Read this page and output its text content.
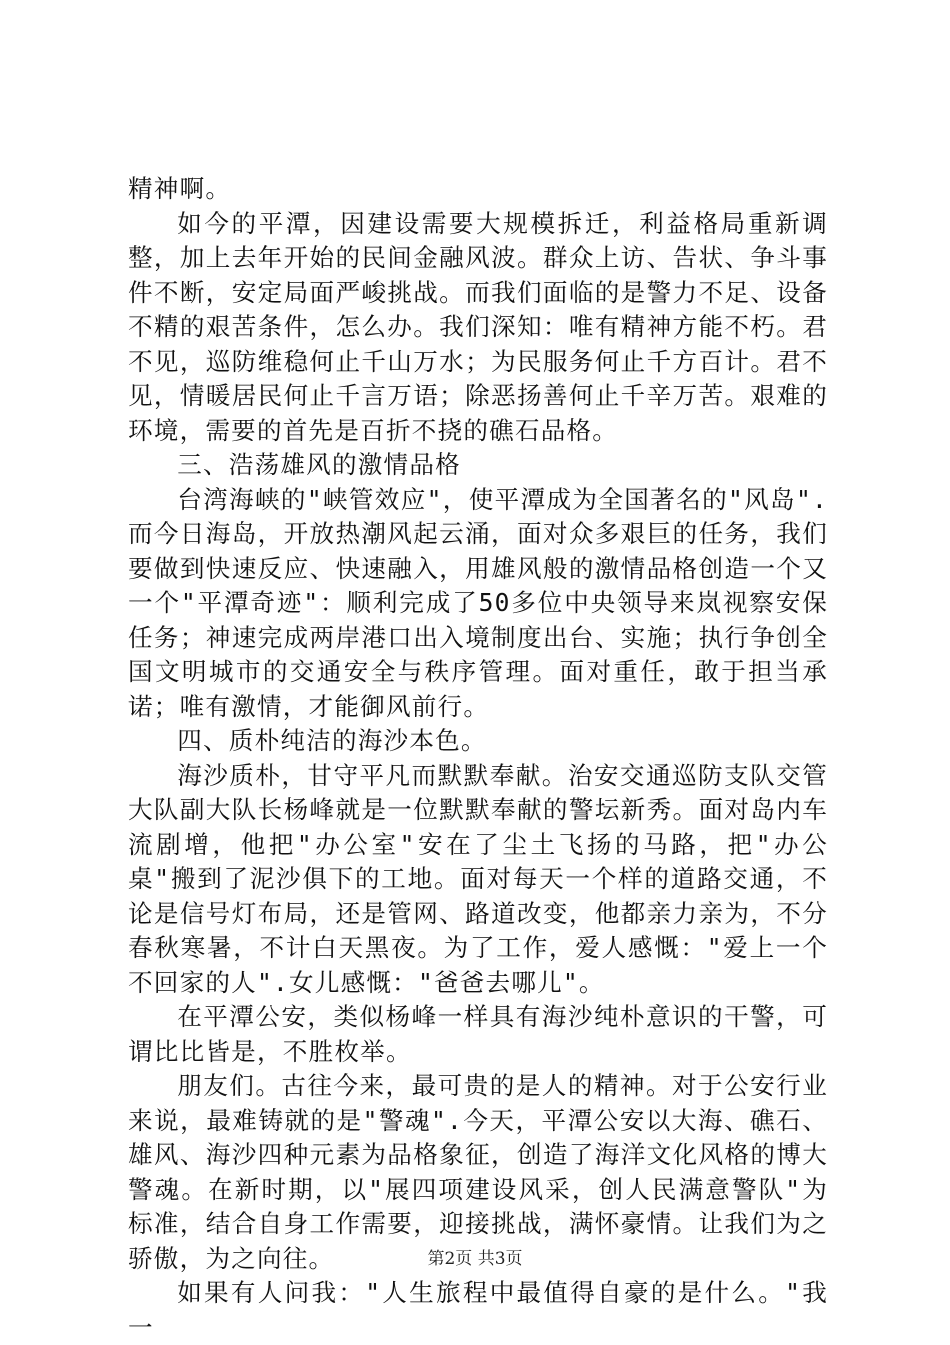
精神啊。

如今的平潭，因建设需要大规模拆迁，利益格局重新调整，加上去年开始的民间金融风波。群众上访、告状、争斗事件不断，安定局面严峻挑战。而我们面临的是警力不足、设备不精的艰苦条件，怎么办。我们深知：唯有精神方能不朽。君不见，巡防维稳何止千山万水；为民服务何止千方百计。君不见，情暖居民何止千言万语；除恶扬善何止千辛万苦。艰难的环境，需要的首先是百折不挠的礁石品格。

三、浩荡雄风的激情品格

台湾海峡的"峡管效应"，使平潭成为全国著名的"风岛".而今日海岛，开放热潮风起云涌，面对众多艰巨的任务，我们要做到快速反应、快速融入，用雄风般的激情品格创造一个又一个"平潭奇迹"：顺利完成了50多位中央领导来岚视察安保任务；神速完成两岸港口出入境制度出台、实施；执行争创全国文明城市的交通安全与秩序管理。面对重任，敢于担当承诺；唯有激情，才能御风前行。

四、质朴纯洁的海沙本色。

海沙质朴，甘守平凡而默默奉献。治安交通巡防支队交管大队副大队长杨峰就是一位默默奉献的警坛新秀。面对岛内车流剧增，他把"办公室"安在了尘土飞扬的马路，把"办公桌"搬到了泥沙俱下的工地。面对每天一个样的道路交通，不论是信号灯布局，还是管网、路道改变，他都亲力亲为，不分春秋寒暑，不计白天黑夜。为了工作，爱人感慨："爱上一个不回家的人".女儿感慨："爸爸去哪儿"。

在平潭公安，类似杨峰一样具有海沙纯朴意识的干警，可谓比比皆是，不胜枚举。

朋友们。古往今来，最可贵的是人的精神。对于公安行业来说，最难铸就的是"警魂".今天，平潭公安以大海、礁石、雄风、海沙四种元素为品格象征，创造了海洋文化风格的博大警魂。在新时期，以"展四项建设风采，创人民满意警队"为标准，结合自身工作需要，迎接挑战，满怀豪情。让我们为之骄傲，为之向往。

如果有人问我："人生旅程中最值得自豪的是什么。"我一

第2页 共3页
